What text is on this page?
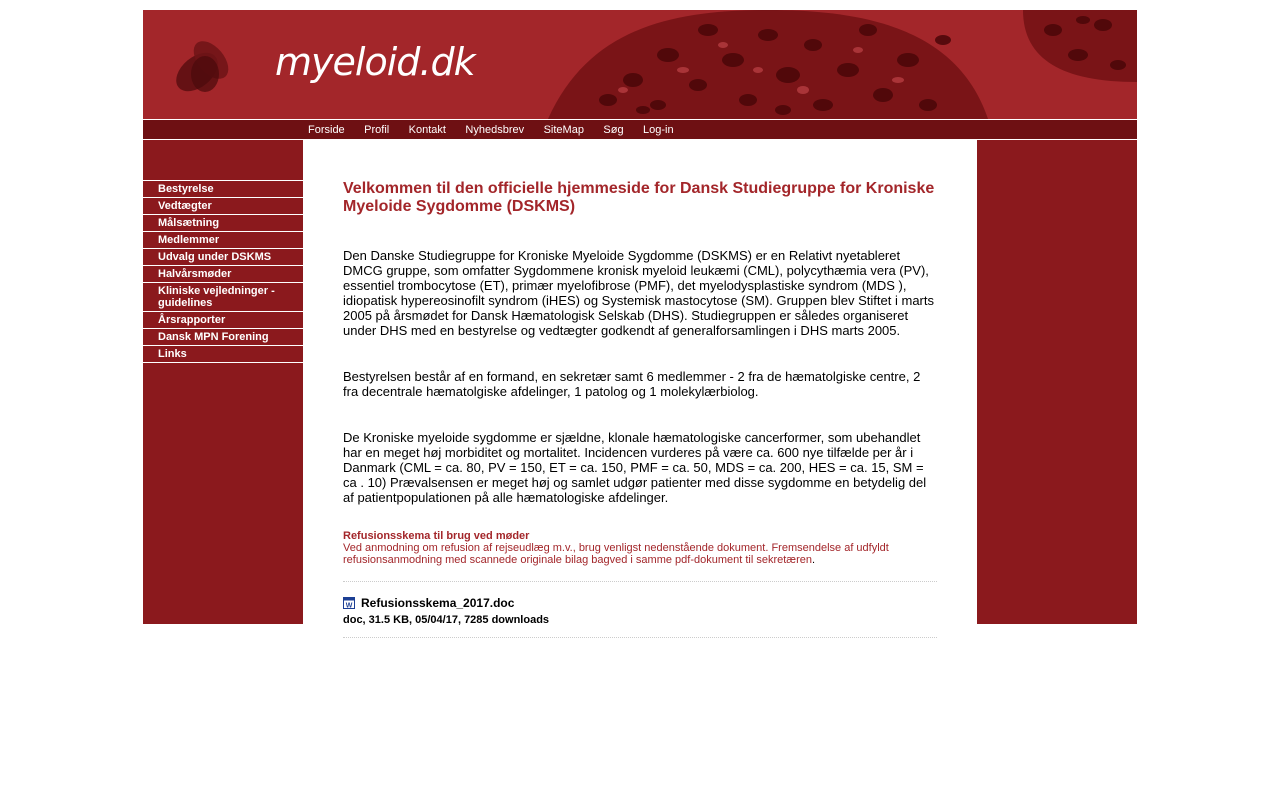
myeloid.dk
Forside Profil Kontakt Nyhedsbrev SiteMap Søg Log-in
Bestyrelse
Vedtægter
Målsætning
Medlemmer
Udvalg under DSKMS
Halvårsmøder
Kliniske vejledninger - guidelines
Årsrapporter
Dansk MPN Forening
Links
Velkommen til den officielle hjemmeside for Dansk Studiegruppe for Kroniske Myeloide Sygdomme (DSKMS)

Den Danske Studiegruppe for Kroniske Myeloide Sygdomme (DSKMS) er en Relativt nyetableret DMCG gruppe, som omfatter Sygdommene kronisk myeloid leukæmi (CML), polycythæmia vera (PV), essentiel trombocytose (ET), primær myelofibrose (PMF), det myelodysplastiske syndrom (MDS ), idiopatisk hypereosinofilt syndrom (iHES) og Systemisk mastocytose (SM). Gruppen blev Stiftet i marts 2005 på årsmødet for Dansk Hæmatologisk Selskab (DHS). Studiegruppen er således organiseret under DHS med en bestyrelse og vedtægter godkendt af generalforsamlingen i DHS marts 2005.

Bestyrelsen består af en formand, en sekretær samt 6 medlemmer - 2 fra de hæmatolgiske centre, 2 fra decentrale hæmatolgiske afdelinger, 1 patolog og 1 molekylærbiolog.

De Kroniske myeloide sygdomme er sjældne, klonale hæmatologiske cancerformer, som ubehandlet har en meget høj morbiditet og mortalitet. Incidencen vurderes på være ca. 600 nye tilfælde per år i Danmark (CML = ca. 80, PV = 150, ET = ca. 150, PMF = ca. 50, MDS = ca. 200, HES = ca. 15, SM = ca . 10) Prævalsensen er meget høj og samlet udgør patienter med disse sygdomme en betydelig del af patientpopulationen på alle hæmatologiske afdelinger.

Refusionsskema til brug ved møder
Ved anmodning om refusion af rejseudlæg m.v., brug venligst nedenstående dokument. Fremsendelse af udfyldt refusionsanmodning med scannede originale bilag bagved i samme pdf-dokument til sekretæren.
W Refusionsskema_2017.doc
doc, 31.5 KB, 05/04/17, 7285 downloads
